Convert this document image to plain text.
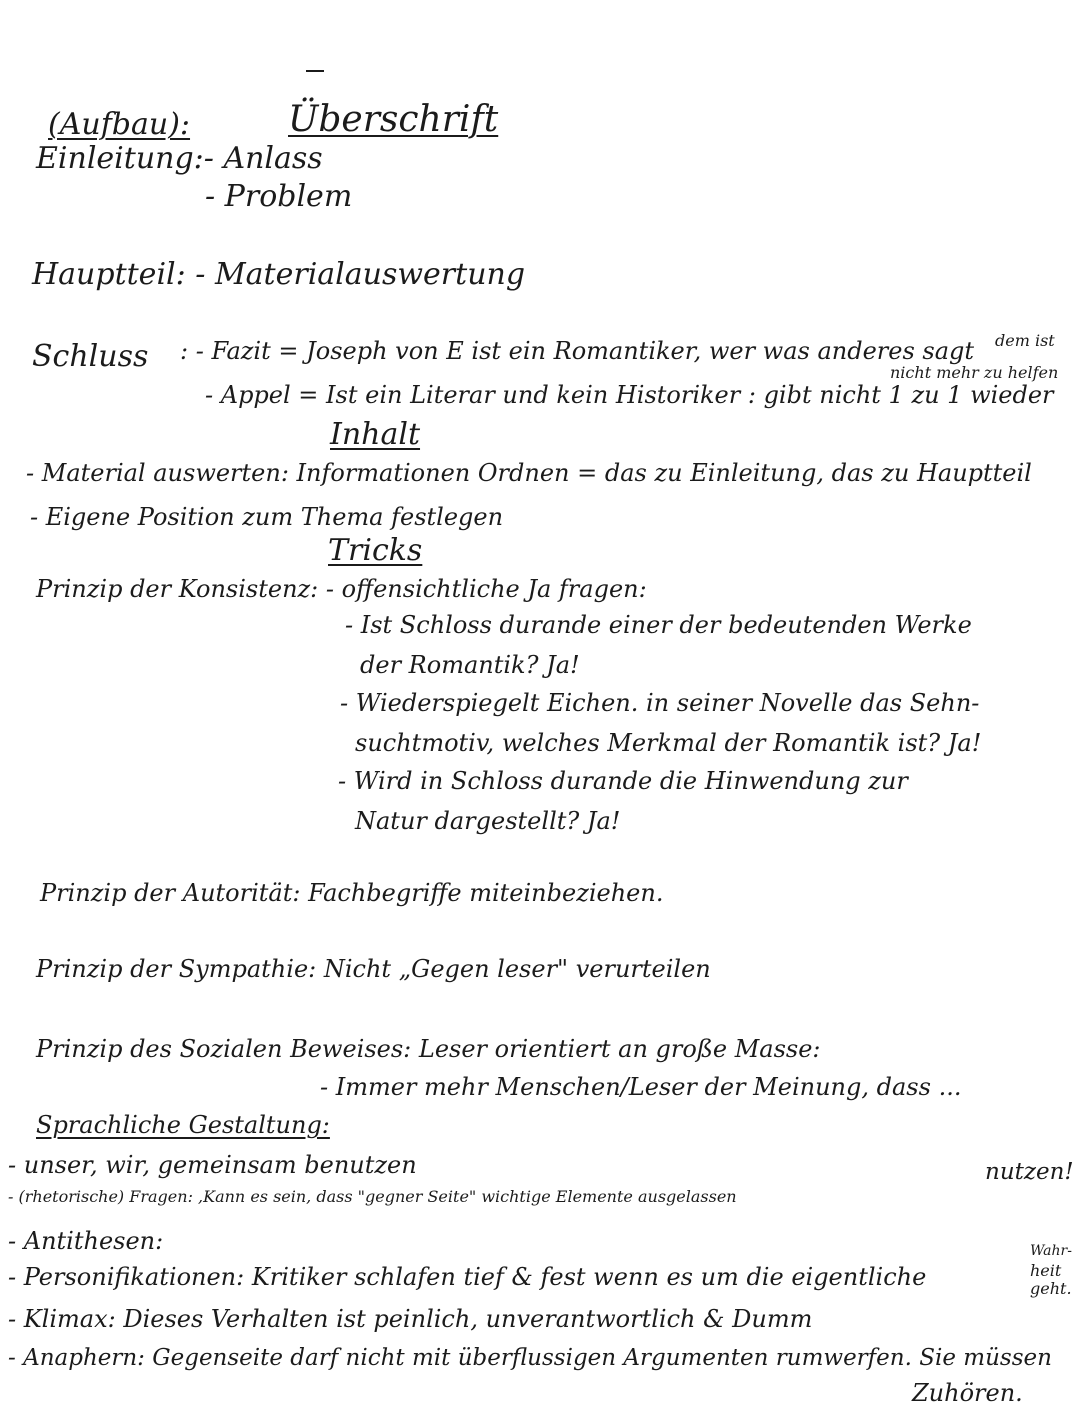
(Aufbau):	Überschrift
Einleitung:- Anlass
- Problem
Hauptteil: - Materialauswertung
Schluss : - Fazit = Joseph von E ist ein Romantiker, wer was anderes sagt dem ist
nicht mehr zu helfen
- Appel = Ist ein Literar und kein Historiker : gibt nicht 1 zu 1 wieder
Inhalt
- Material auswerten: Informationen Ordnen = das zu Einleitung, das zu Hauptteil
- Eigene Position zum Thema festlegen
Tricks
Prinzip der Konsistenz: - offensichtliche Ja fragen:
- Ist Schloss durande einer der bedeutenden Werke
der Romantik? Ja!
- Wiederspiegelt Eichen. in seiner Novelle das Sehn-
suchtmotiv, welches Merkmal der Romantik ist? Ja!
- Wird in Schloss durande die Hinwendung zur
Natur dargestellt? Ja!
Prinzip der Autorität: Fachbegriffe miteinbeziehen.
Prinzip der Sympathie: Nicht „Gegen leser" verurteilen
Prinzip des Sozialen Beweises: Leser orientiert an große Masse:
- Immer mehr Menschen/Leser der Meinung, dass ...
Sprachliche Gestaltung:
- unser, wir, gemeinsam benutzen	nutzen!
- (rhetorische) Fragen: ,Kann es sein, dass "gegner Seite" wichtige Elemente ausgelassen
- Antithesen:
- Personifikationen: Kritiker schlafen tief & fest wenn es um die eigentliche
Wahr-
heit
geht.
- Klimax: Dieses Verhalten ist peinlich, unverantwortlich & Dumm
- Anaphern: Gegenseite darf nicht mit überflussigen Argumenten rumwerfen. Sie müssen
Zuhören.
